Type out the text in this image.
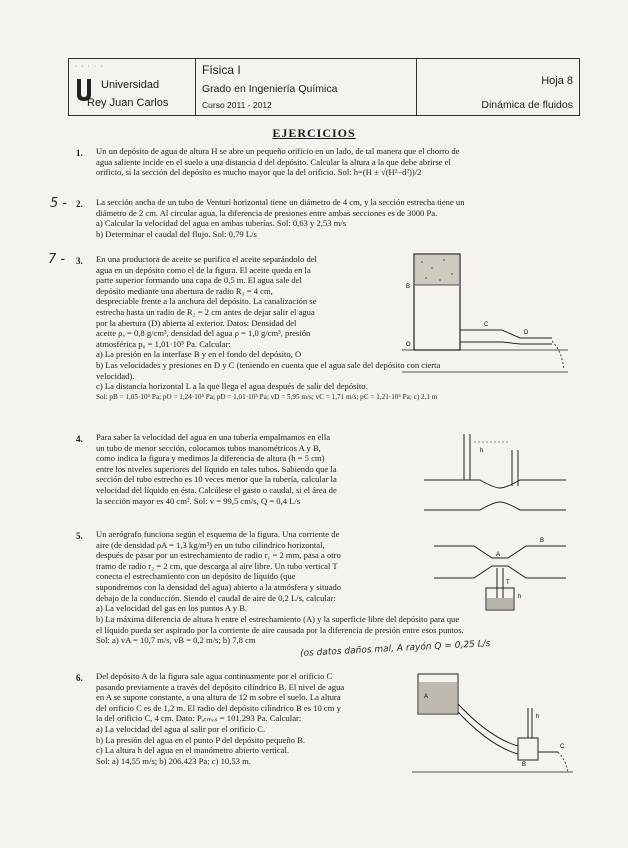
· · · · ·
Universidad
Rey Juan Carlos
Física I
Grado en Ingeniería Química
Curso 2011 - 2012
Hoja 8
Dinámica de fluidos
EJERCICIOS
1. Un un depósito de agua de altura H se abre un pequeño orificio en un lado, de tal manera que el chorro de
agua saliente incide en el suelo a una distancia d del depósito. Calcular la altura a la que debe abrirse el
orificio, si la sección del depósito es mucho mayor que la del orificio. Sol: h=(H ± √(H²−d²))/2
5 - 2. La sección ancha de un tubo de Venturi horizontal tiene un diámetro de 4 cm, y la sección estrecha tiene un
diámetro de 2 cm. Al circular agua, la diferencia de presiones entre ambas secciones es de 3000 Pa.
a) Calcular la velocidad del agua en ambas tuberías. Sol: 0,63 y 2,53 m/s
b) Determinar el caudal del flujo. Sol: 0,79 L/s
7 - 3. En una productora de aceite se purifica el aceite separándolo del
agua en un depósito como el de la figura. El aceite queda en la
parte superior formando una capa de 0,5 m. El agua sale del
depósito mediante una abertura de radio R₁ = 4 cm,
despreciable frente a la anchura del depósito. La canalización se
estrecha hasta un radio de R₂ = 2 cm antes de dejar salir el agua
por la abertura (D) abierta al exterior. Datos: Densidad del
aceite ρₐ = 0,8 g/cm³, densidad del agua ρ = 1,0 g/cm³, presión
atmosférica p₀ = 1,01·10⁵ Pa. Calcular:
a) La presión en la interfase B y en el fondo del depósito, O
b) Las velocidades y presiones en D y C (teniendo en cuenta que el agua sale del depósito con cierta
velocidad).
c) La distancia horizontal L a la que llega el agua después de salir del depósito.
Sol: pB = 1,05·10⁵ Pa; pO = 1,24·10⁵ Pa; pD = 1,01·10⁵ Pa; vD = 5,95 m/s; vC = 1,71 m/s; pC = 1,21·10⁵ Pa; c) 2,1 m
B
O
D
C
4. Para saber la velocidad del agua en una tubería empalmamos en ella
un tubo de menor sección, colocamos tubos manométricos A y B,
como indica la figura y medimos la diferencia de altura (h = 5 cm)
entre los niveles superiores del líquido en tales tubos. Sabiendo que la
sección del tubo estrecho es 10 veces menor que la tubería, calcular la
velocidad del líquido en ésta. Calcúlese el gasto o caudal, si el área de
la sección mayor es 40 cm². Sol: v = 99,5 cm/s, Q = 0,4 L/s
h
5. Un aerógrafo funciona según el esquema de la figura. Una corriente de
aire (de densidad ρA = 1,3 kg/m³) en un tubo cilíndrico horizontal,
después de pasar por un estrechamiento de radio r₁ = 2 mm, pasa a otro
tramo de radio r₂ = 2 cm, que descarga al aire libre. Un tubo vertical T
conecta el estrechamiento con un depósito de líquido (que
supondremos con la densidad del agua) abierto a la atmósfera y situado
debajo de la conducción. Siendo el caudal de aire de 0,2 L/s, calcular:
a) La velocidad del gas en los puntos A y B.
b) La máxima diferencia de altura h entre el estrechamiento (A) y la superficie libre del depósito para que
el líquido pueda ser aspirado por la corriente de aire causada por la diferencia de presión entre esos puntos.
Sol: a) vA = 10,7 m/s, vB = 0,2 m/s; b) 7,8 cm	(os datos daños mal, A rayón Q = 0,25 L/s
A
B
T
h
6. Del depósito A de la figura sale agua continuamente por el orificio C
pasando previamente a través del depósito cilíndrico B. El nivel de agua
en A se supone constante, a una altura de 12 m sobre el suelo. La altura
del orificio C es de 1,2 m. El radio del depósito cilíndrico B es 10 cm y
la del orificio C, 4 cm. Dato: Pₐₜₘₒₛ = 101.293 Pa. Calcular:
a) La velocidad del agua al salir por el orificio C.
b) La presión del agua en el punto P del depósito pequeño B.
c) La altura h del agua en el manómetro abierto vertical.
Sol: a) 14,55 m/s; b) 206.423 Pa; c) 10,53 m.
A
B
C
h
